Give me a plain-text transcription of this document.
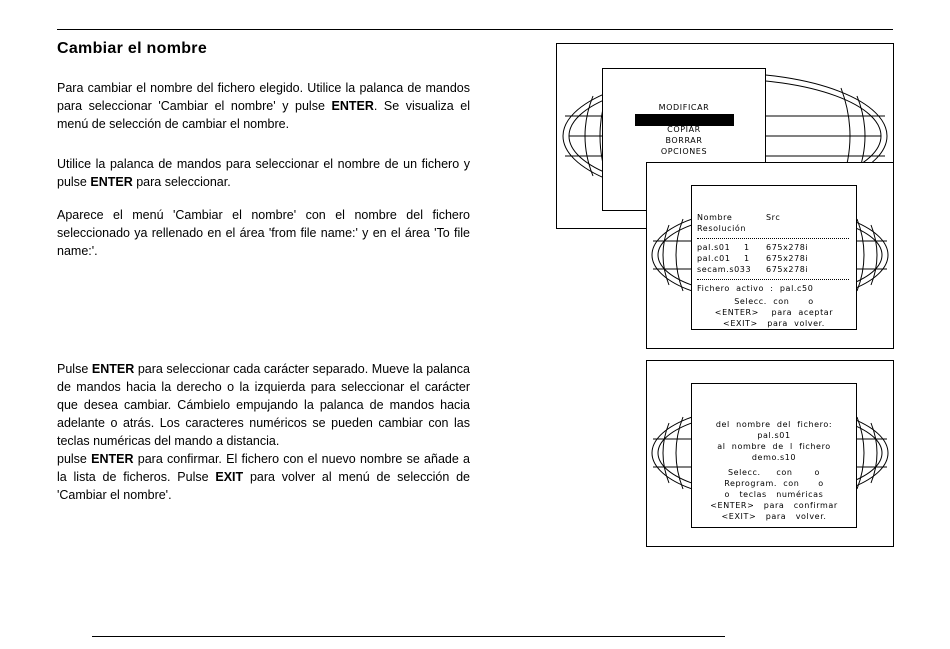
Cambiar el nombre

Para cambiar el nombre del fichero elegido. Utilice la palanca de mandos para seleccionar 'Cambiar el nombre' y pulse ENTER. Se visualiza el menú de selección de cambiar el nombre.

Utilice la palanca de mandos para seleccionar el nombre de un fichero y pulse ENTER para seleccionar.

Aparece el menú 'Cambiar el nombre' con el nombre del fichero seleccionado ya rellenado en el área 'from file name:' y en el área 'To file name:'.

Pulse ENTER para seleccionar cada carácter separado. Mueve la palanca de mandos hacia la derecho o la izquierda para seleccionar el carácter que desea cambiar. Cámbielo empujando la palanca de mandos hacia adelante o atrás. Los caracteres numéricos se pueden cambiar con las teclas numéricas del mando a distancia.
pulse ENTER para confirmar. El fichero con el nuevo nombre se añade a la lista de ficheros. Pulse EXIT para volver al menú de selección de 'Cambiar el nombre'.

MODIFICAR
CAMBIAR NOMBRE
COPIAR
BORRAR
OPCIONES
Nombre	Src
Resolución
pal.s01 1 675x278i
pal.c01 1 675x278i
secam.s033 675x278i
Fichero  activo  :  pal.c50
Selecc.  con      o
<ENTER>    para  aceptar
<EXIT>   para  volver.
del  nombre  del  fichero:
pal.s01
al  nombre  de  l  fichero
demo.s10
Selecc.     con       o
Reprogram.  con      o
o   teclas   numéricas
<ENTER>   para   confirmar
<EXIT>   para   volver.
